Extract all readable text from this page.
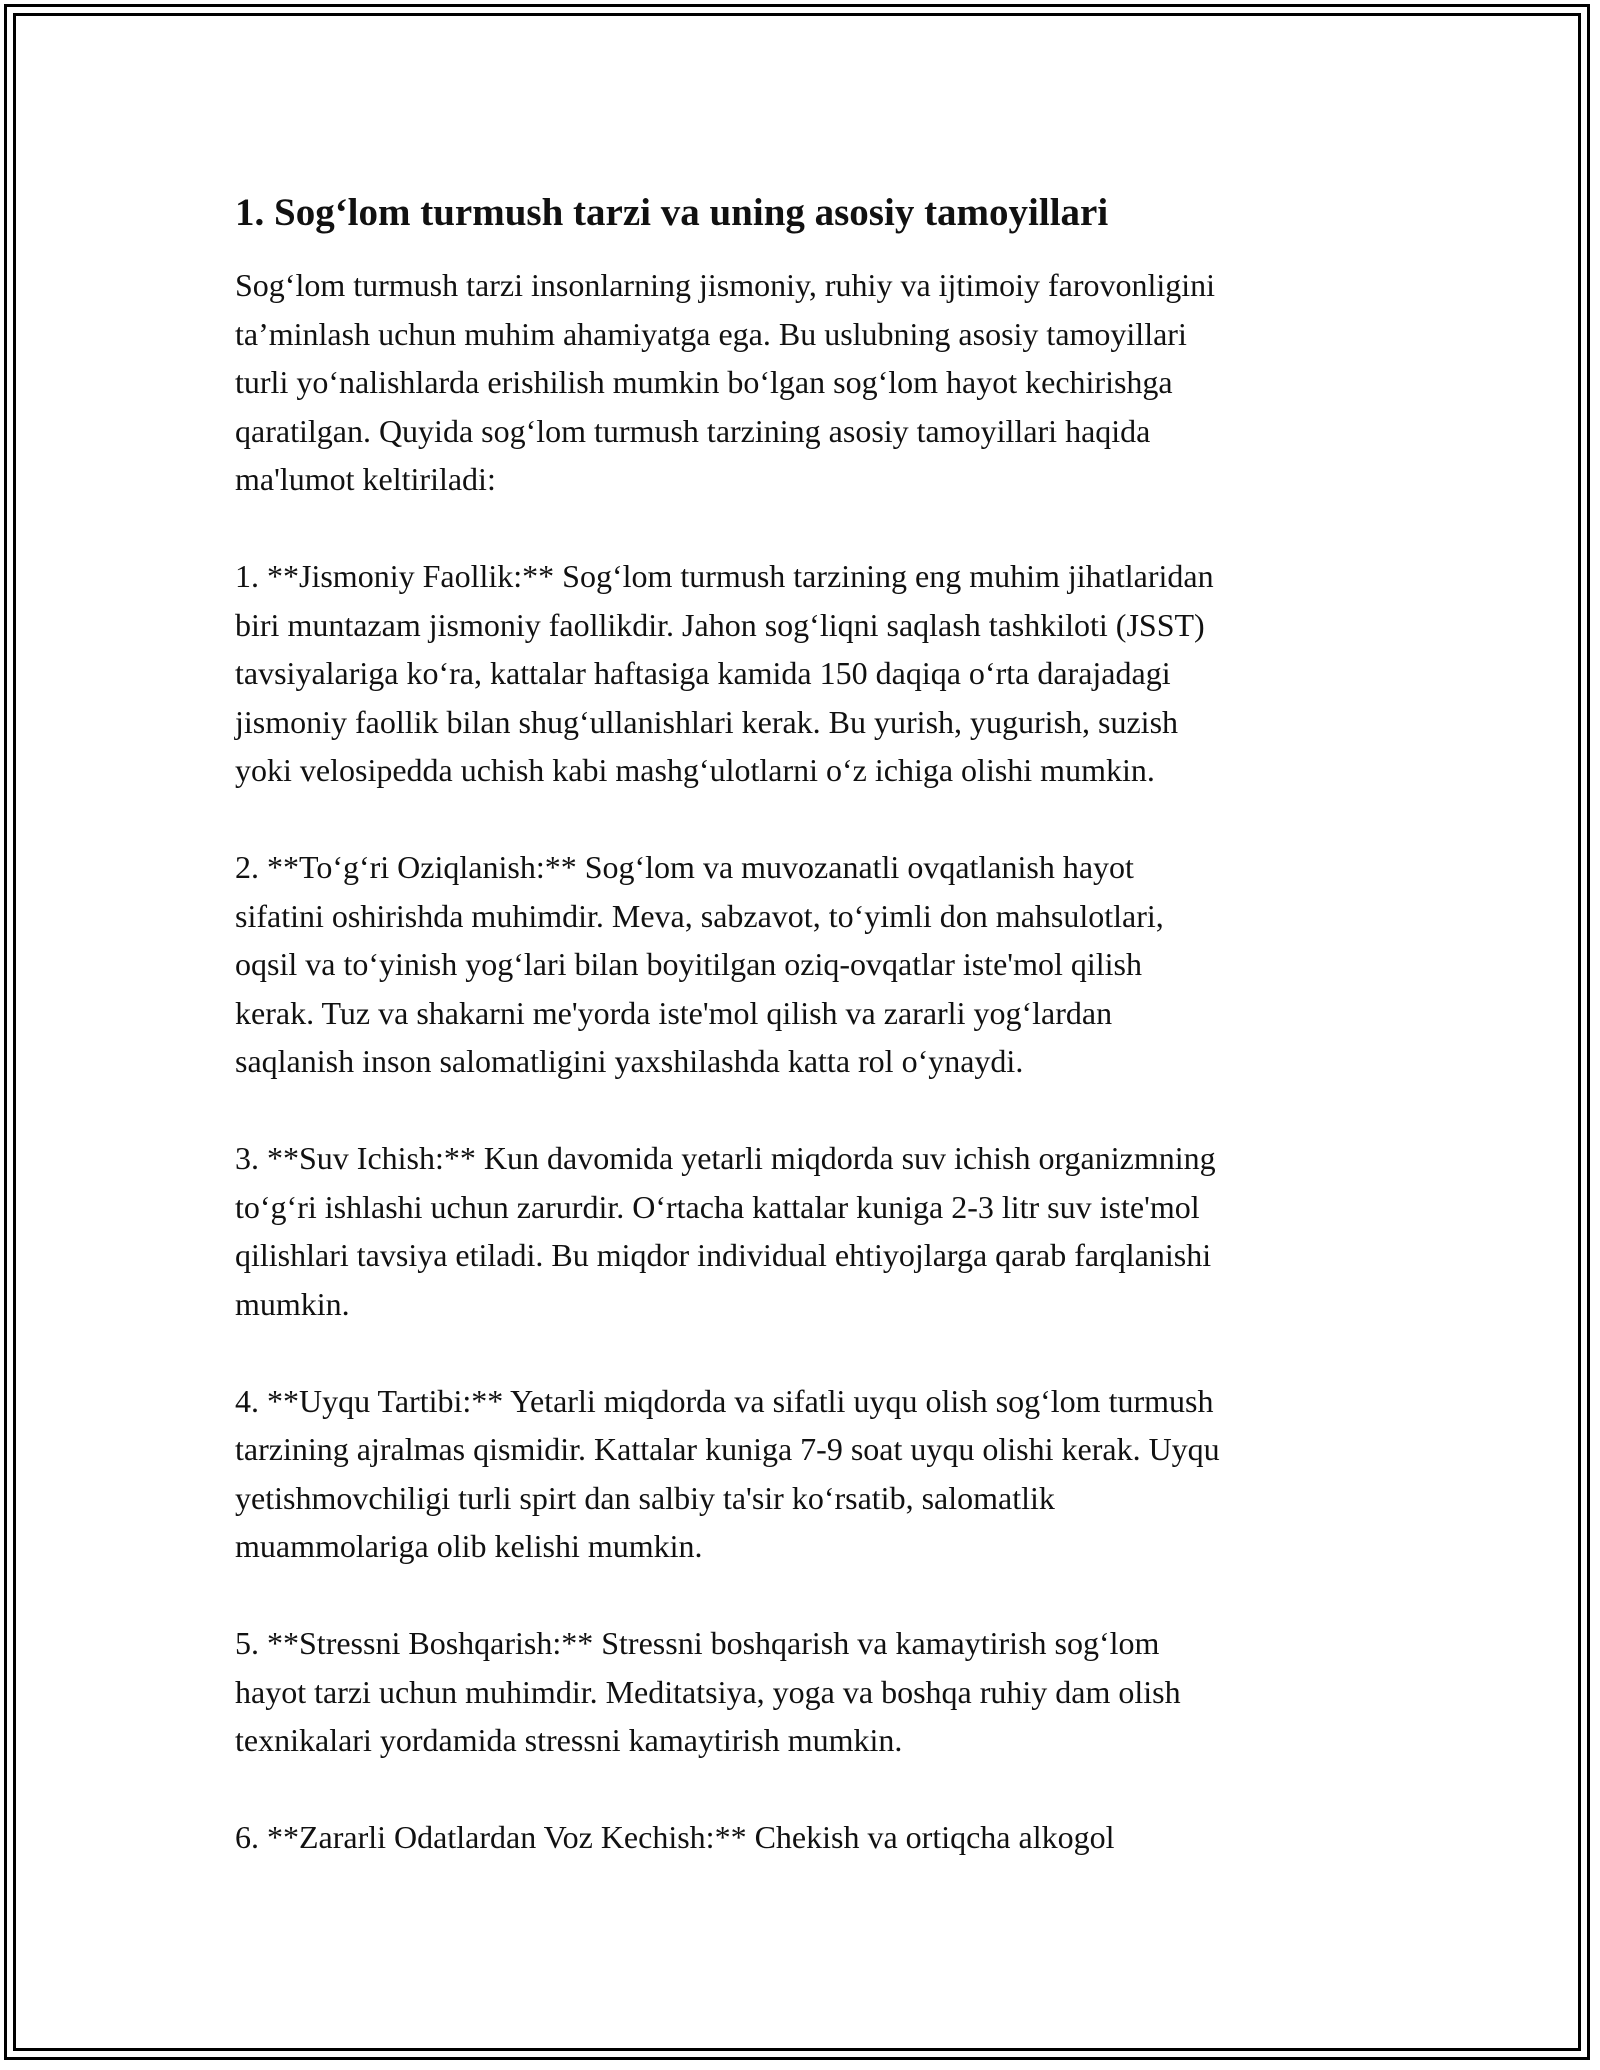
1. Sog‘lom turmush tarzi va uning asosiy tamoyillari

Sog‘lom turmush tarzi insonlarning jismoniy, ruhiy va ijtimoiy farovonligini
ta’minlash uchun muhim ahamiyatga ega. Bu uslubning asosiy tamoyillari
turli yo‘nalishlarda erishilish mumkin bo‘lgan sog‘lom hayot kechirishga
qaratilgan. Quyida sog‘lom turmush tarzining asosiy tamoyillari haqida
ma'lumot keltiriladi:

1. **Jismoniy Faollik:** Sog‘lom turmush tarzining eng muhim jihatlaridan
biri muntazam jismoniy faollikdir. Jahon sog‘liqni saqlash tashkiloti (JSST)
tavsiyalariga ko‘ra, kattalar haftasiga kamida 150 daqiqa o‘rta darajadagi
jismoniy faollik bilan shug‘ullanishlari kerak. Bu yurish, yugurish, suzish
yoki velosipedda uchish kabi mashg‘ulotlarni o‘z ichiga olishi mumkin.

2. **To‘g‘ri Oziqlanish:** Sog‘lom va muvozanatli ovqatlanish hayot
sifatini oshirishda muhimdir. Meva, sabzavot, to‘yimli don mahsulotlari,
oqsil va to‘yinish yog‘lari bilan boyitilgan oziq-ovqatlar iste'mol qilish
kerak. Tuz va shakarni me'yorda iste'mol qilish va zararli yog‘lardan
saqlanish inson salomatligini yaxshilashda katta rol o‘ynaydi.

3. **Suv Ichish:** Kun davomida yetarli miqdorda suv ichish organizmning
to‘g‘ri ishlashi uchun zarurdir. O‘rtacha kattalar kuniga 2-3 litr suv iste'mol
qilishlari tavsiya etiladi. Bu miqdor individual ehtiyojlarga qarab farqlanishi
mumkin.

4. **Uyqu Tartibi:** Yetarli miqdorda va sifatli uyqu olish sog‘lom turmush
tarzining ajralmas qismidir. Kattalar kuniga 7-9 soat uyqu olishi kerak. Uyqu
yetishmovchiligi turli spirt dan salbiy ta'sir ko‘rsatib, salomatlik
muammolariga olib kelishi mumkin.

5. **Stressni Boshqarish:** Stressni boshqarish va kamaytirish sog‘lom
hayot tarzi uchun muhimdir. Meditatsiya, yoga va boshqa ruhiy dam olish
texnikalari yordamida stressni kamaytirish mumkin.

6. **Zararli Odatlardan Voz Kechish:** Chekish va ortiqcha alkogol
